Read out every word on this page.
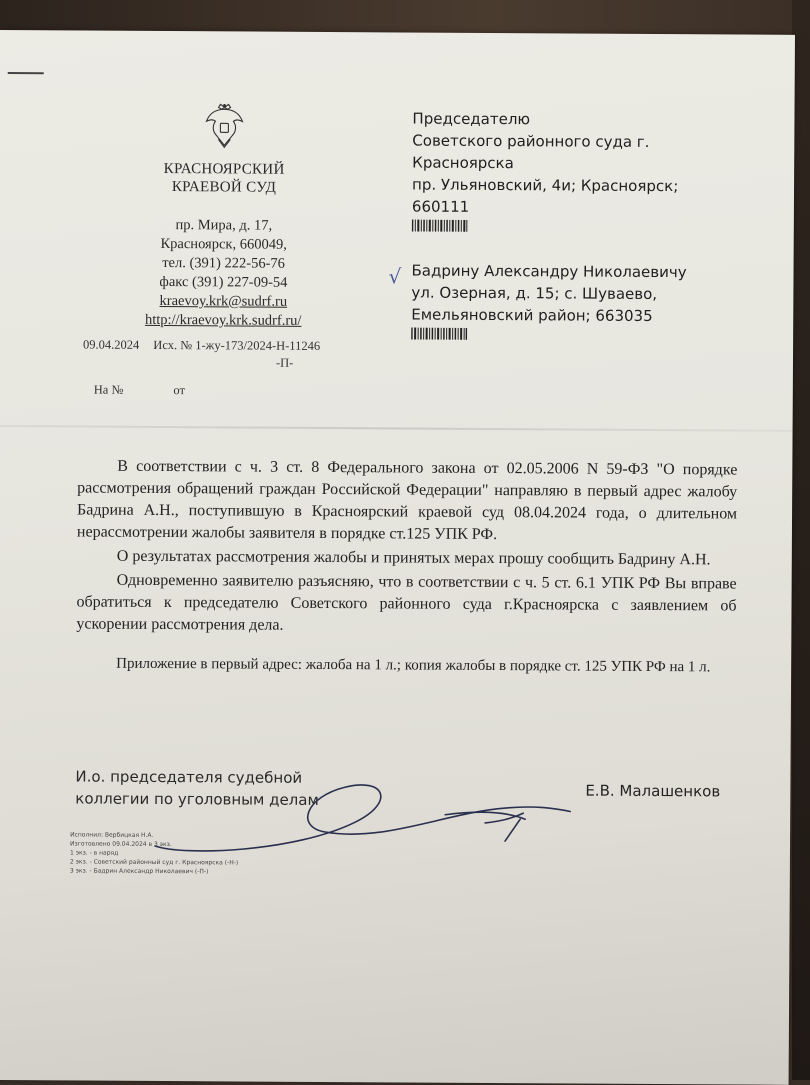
КРАСНОЯРСКИЙ
КРАЕВОЙ СУД
пр. Мира, д. 17,
Красноярск, 660049,
тел. (391) 222-56-76
факс (391) 227-09-54
kraevoy.krk@sudrf.ru
http://kraevoy.krk.sudrf.ru/
09.04.2024 Исх. № 1-жу-173/2024-Н-11246
-П-
На №	от
Председателю
Советского районного суда г.
Красноярска
пр. Ульяновский, 4и; Красноярск;
660111
√ Бадрину Александру Николаевичу
ул. Озерная, д. 15; с. Шуваево,
Емельяновский район; 663035

В соответствии с ч. 3 ст. 8 Федерального закона от 02.05.2006 N 59-ФЗ "О порядке рассмотрения обращений граждан Российской Федерации" направляю в первый адрес жалобу Бадрина А.Н., поступившую в Красноярский краевой суд 08.04.2024 года, о длительном нерассмотрении жалобы заявителя в порядке ст.125 УПК РФ.

О результатах рассмотрения жалобы и принятых мерах прошу сообщить Бадрину А.Н.

Одновременно заявителю разъясняю, что в соответствии с ч. 5 ст. 6.1 УПК РФ Вы вправе обратиться к председателю Советского районного суда г.Красноярска с заявлением об ускорении рассмотрения дела.

Приложение в первый адрес: жалоба на 1 л.; копия жалобы в порядке ст. 125 УПК РФ на 1 л.

И.о. председателя судебной
коллегии по уголовным делам	Е.В. Малашенков
Исполнил: Вербицкая Н.А.
Изготовлено 09.04.2024 в 3 экз.
1 экз. - в наряд
2 экз. - Советский районный суд г. Красноярска (-Н-)
3 экз. - Бадрин Александр Николаевич (-П-)
